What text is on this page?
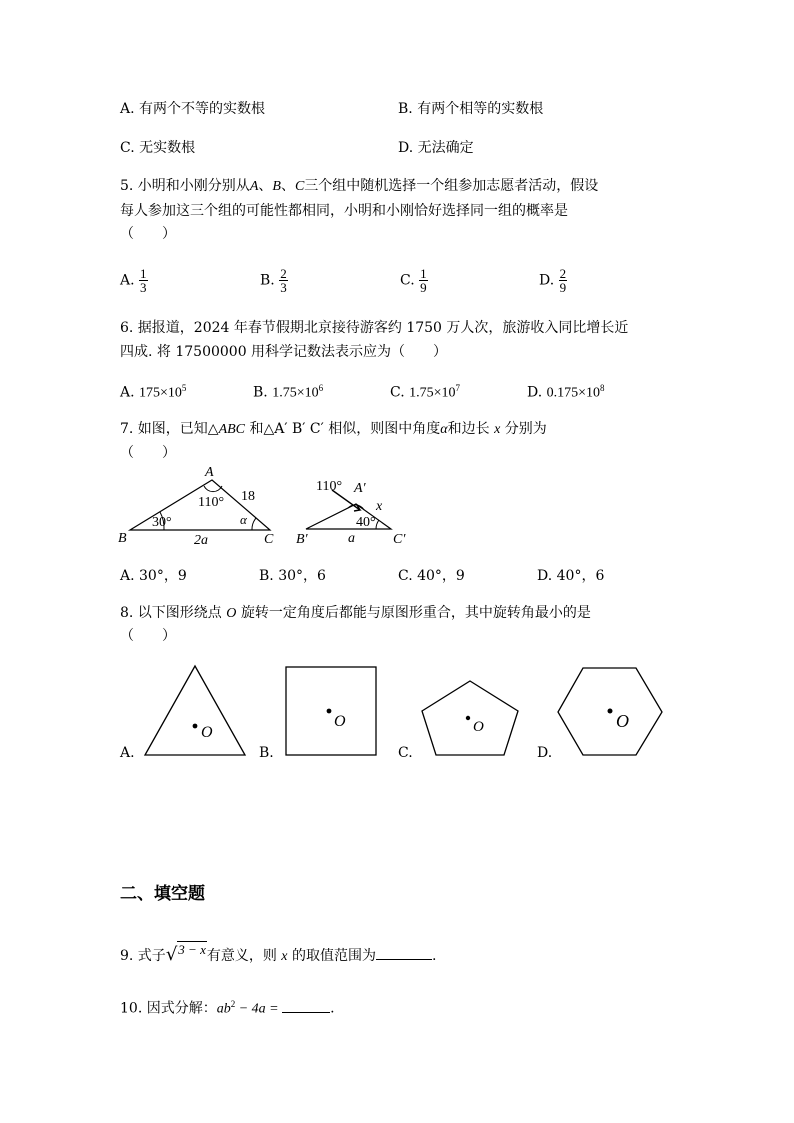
A. 有两个不等的实数根	B. 有两个相等的实数根
C. 无实数根	D. 无法确定
5. 小明和小刚分别从A、B、C三个组中随机选择一个组参加志愿者活动，假设
每人参加这三个组的可能性都相同，小明和小刚恰好选择同一组的概率是
（　　）
A. $\frac{1}{3}$	B. $\frac{2}{3}$	C. $\frac{1}{9}$	D. $\frac{2}{9}$
6. 据报道，2024 年春节假期北京接待游客约 1750 万人次，旅游收入同比增长近
四成. 将 17500000 用科学记数法表示应为（　　）
A. $175\times 10^5$	B. $1.75\times 10^6$	C. $1.75\times 10^7$	D. $0.175\times 10^8$
7. 如图，已知△ABC 和△A′ B′ C′ 相似，则图中角度α和边长 x 分别为
（　　）
A
B	C
110°
30°	α
18
2a
110° A′
B′	C′
x
40°
a
A. 30°，9	B. 30°，6	C. 40°，9	D. 40°，6
8. 以下图形绕点 O 旋转一定角度后都能与原图形重合，其中旋转角最小的是
（　　）
A.
O
B.
O
C.
O
D.
O
二、填空题
9. 式子√3 − x有意义，则 x 的取值范围为	.
10. 因式分解：$ab^2 - 4a$ =	.
